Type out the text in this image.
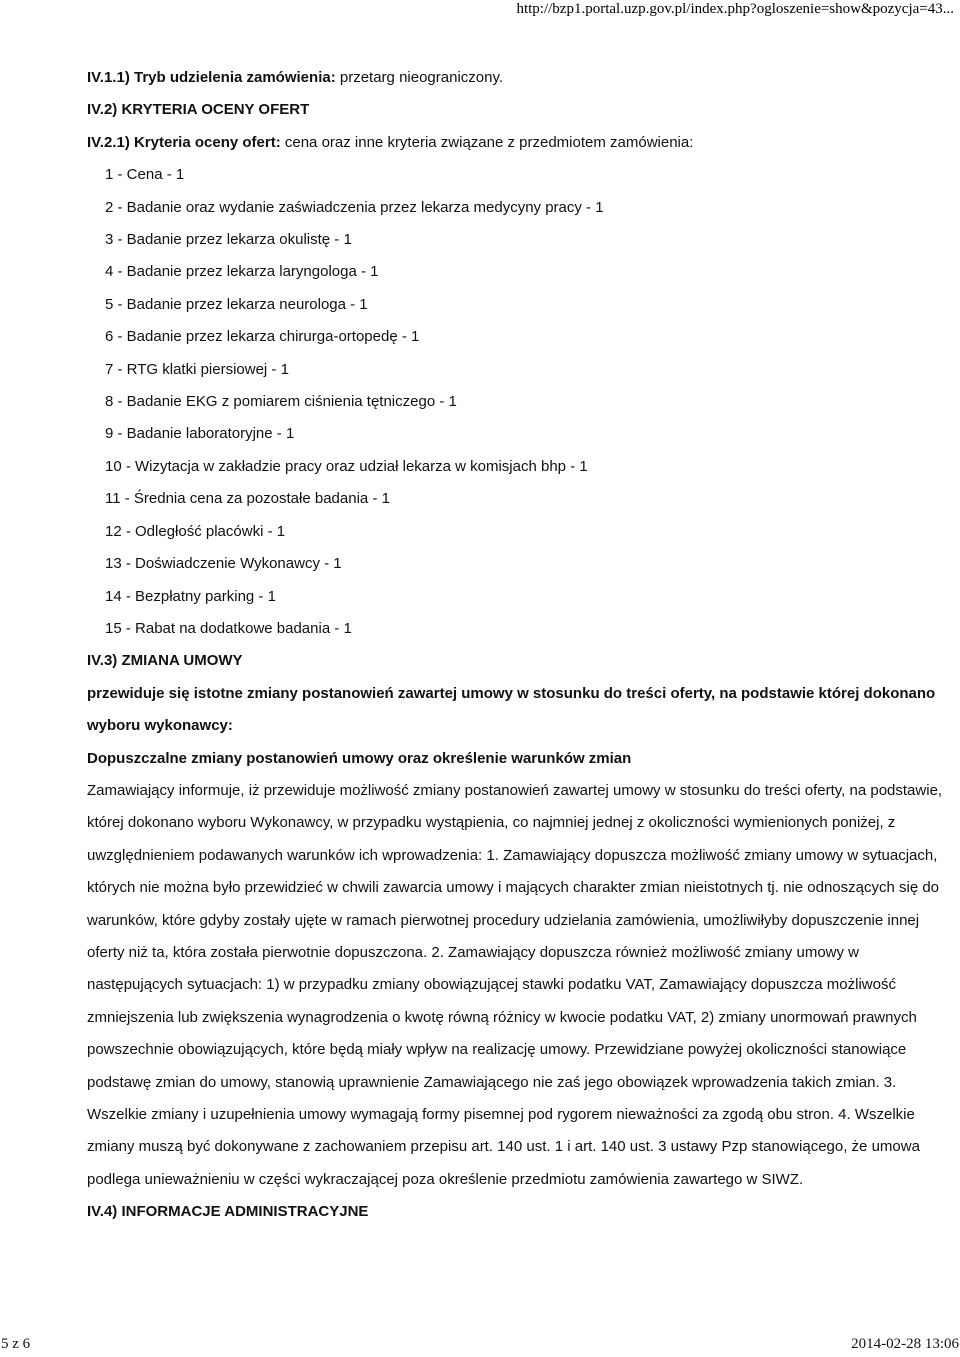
http://bzp1.portal.uzp.gov.pl/index.php?ogloszenie=show&pozycja=43...
IV.1.1) Tryb udzielenia zamówienia: przetarg nieograniczony.
IV.2) KRYTERIA OCENY OFERT
IV.2.1) Kryteria oceny ofert: cena oraz inne kryteria związane z przedmiotem zamówienia:
1 - Cena - 1
2 - Badanie oraz wydanie zaświadczenia przez lekarza medycyny pracy - 1
3 - Badanie przez lekarza okulistę - 1
4 - Badanie przez lekarza laryngologa - 1
5 - Badanie przez lekarza neurologa - 1
6 - Badanie przez lekarza chirurga-ortopedę - 1
7 - RTG klatki piersiowej - 1
8 - Badanie EKG z pomiarem ciśnienia tętniczego - 1
9 - Badanie laboratoryjne - 1
10 - Wizytacja w zakładzie pracy oraz udział lekarza w komisjach bhp - 1
11 - Średnia cena za pozostałe badania - 1
12 - Odległość placówki - 1
13 - Doświadczenie Wykonawcy - 1
14 - Bezpłatny parking - 1
15 - Rabat na dodatkowe badania - 1
IV.3) ZMIANA UMOWY

przewiduje się istotne zmiany postanowień zawartej umowy w stosunku do treści oferty, na podstawie której dokonano wyboru wykonawcy:

Dopuszczalne zmiany postanowień umowy oraz określenie warunków zmian

Zamawiający informuje, iż przewiduje możliwość zmiany postanowień zawartej umowy w stosunku do treści oferty, na podstawie, której dokonano wyboru Wykonawcy, w przypadku wystąpienia, co najmniej jednej z okoliczności wymienionych poniżej, z uwzględnieniem podawanych warunków ich wprowadzenia: 1. Zamawiający dopuszcza możliwość zmiany umowy w sytuacjach, których nie można było przewidzieć w chwili zawarcia umowy i mających charakter zmian nieistotnych tj. nie odnoszących się do warunków, które gdyby zostały ujęte w ramach pierwotnej procedury udzielania zamówienia, umożliwiłyby dopuszczenie innej oferty niż ta, która została pierwotnie dopuszczona. 2. Zamawiający dopuszcza również możliwość zmiany umowy w następujących sytuacjach: 1) w przypadku zmiany obowiązującej stawki podatku VAT, Zamawiający dopuszcza możliwość zmniejszenia lub zwiększenia wynagrodzenia o kwotę równą różnicy w kwocie podatku VAT, 2) zmiany unormowań prawnych powszechnie obowiązujących, które będą miały wpływ na realizację umowy. Przewidziane powyżej okoliczności stanowiące podstawę zmian do umowy, stanowią uprawnienie Zamawiającego nie zaś jego obowiązek wprowadzenia takich zmian. 3. Wszelkie zmiany i uzupełnienia umowy wymagają formy pisemnej pod rygorem nieważności za zgodą obu stron. 4. Wszelkie zmiany muszą być dokonywane z zachowaniem przepisu art. 140 ust. 1 i art. 140 ust. 3 ustawy Pzp stanowiącego, że umowa podlega unieważnieniu w części wykraczającej poza określenie przedmiotu zamówienia zawartego w SIWZ.

IV.4) INFORMACJE ADMINISTRACYJNE
5 z 6	2014-02-28 13:06
